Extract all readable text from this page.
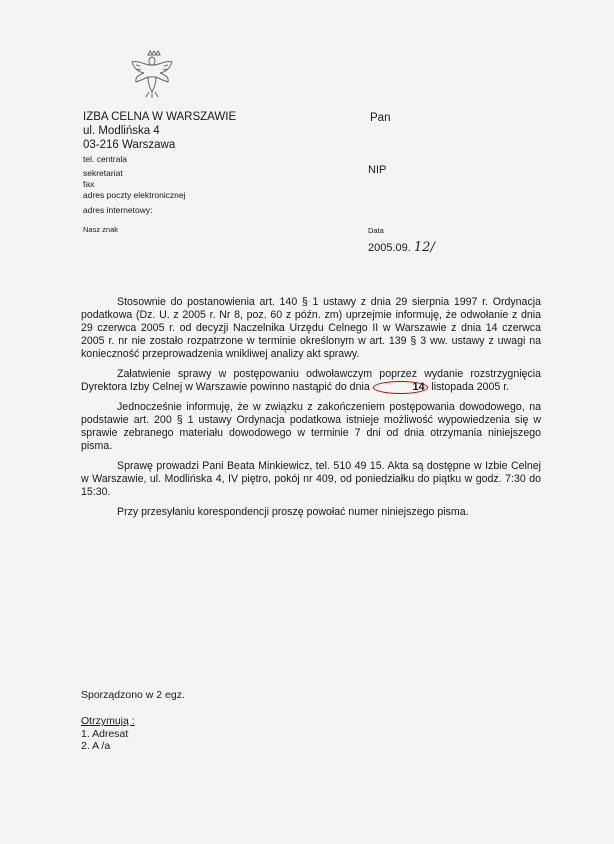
IZBA CELNA W WARSZAWIE
ul. Modlińska 4
03-216 Warszawa
tel. centrala
sekretariat
fax
adres poczty elektronicznej
adres internetowy:
Nasz znak
Pan
NIP
Data
2005.09. 12/

Stosownie do postanowienia art. 140 § 1 ustawy z dnia 29 sierpnia 1997 r. Ordynacja podatkowa (Dz. U. z 2005 r. Nr 8, poz. 60 z późn. zm) uprzejmie informuję, że odwołanie z dnia 29 czerwca 2005 r. od decyzji Naczelnika Urzędu Celnego II w Warszawie z dnia 14 czerwca 2005 r. nr nie zostało rozpatrzone w terminie określonym w art. 139 § 3 ww. ustawy z uwagi na konieczność przeprowadzenia wnikliwej analizy akt sprawy.

Załatwienie sprawy w postępowaniu odwoławczym poprzez wydanie rozstrzygnięcia Dyrektora Izby Celnej w Warszawie powinno nastąpić do dnia	14 listopada 2005 r.

Jednocześnie informuję, że w związku z zakończeniem postępowania dowodowego, na podstawie art. 200 § 1 ustawy Ordynacja podatkowa istnieje możliwość wypowiedzenia się w sprawie zebranego materiału dowodowego w terminie 7 dni od dnia otrzymania niniejszego pisma.

Sprawę prowadzi Pani Beata Minkiewicz, tel. 510 49 15. Akta są dostępne w Izbie Celnej w Warszawie, ul. Modlińska 4, IV piętro, pokój nr 409, od poniedziałku do piątku w godz. 7:30 do 15:30.

Przy przesyłaniu korespondencji proszę powołać numer niniejszego pisma.

Sporządzono w 2 egz.
Otrzymują :
1. Adresat
2. A /a
